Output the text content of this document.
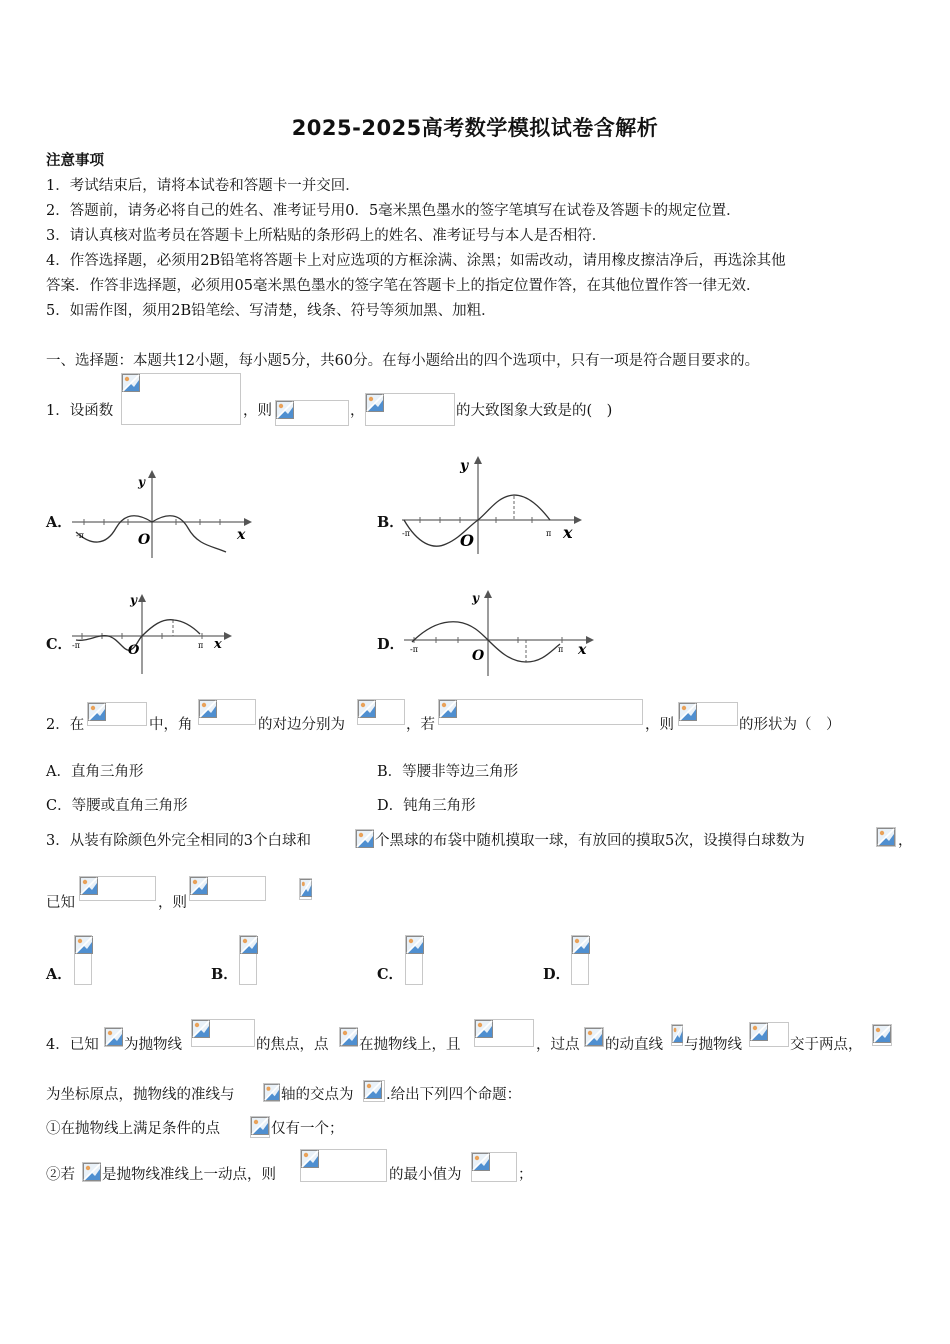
2025-2025高考数学模拟试卷含解析
注意事项
1．考试结束后，请将本试卷和答题卡一并交回．
2．答题前，请务必将自己的姓名、准考证号用0．5毫米黑色墨水的签字笔填写在试卷及答题卡的规定位置．
3．请认真核对监考员在答题卡上所粘贴的条形码上的姓名、准考证号与本人是否相符．
4．作答选择题，必须用2B铅笔将答题卡上对应选项的方框涂满、涂黑；如需改动，请用橡皮擦洁净后，再选涂其他
答案．作答非选择题，必须用05毫米黑色墨水的签字笔在答题卡上的指定位置作答，在其他位置作答一律无效．
5．如需作图，须用2B铅笔绘、写清楚，线条、符号等须加黑、加粗．
一、选择题：本题共12小题，每小题5分，共60分。在每小题给出的四个选项中，只有一项是符合题目要求的。
1．设函数	，则	，	的大致图象大致是的(　)
A．	B．
C．	D．
y
x
O
-π
y
x
O
-π	π
y
x
O
-π	π
y
x
O
-π	π
2．在	中，角	的对边分别为	，若	，则	的形状为（　）
A．直角三角形	B．等腰非等边三角形
C．等腰或直角三角形	D．钝角三角形
3．从装有除颜色外完全相同的3个白球和	个黑球的布袋中随机摸取一球，有放回的摸取5次，设摸得白球数为	，
已知	，则
A．	B．	C．	D．
4．已知 为抛物线	的焦点，点 在抛物线上，且	，过点 的动直线 与抛物线	交于两点，
为坐标原点，抛物线的准线与	轴的交点为 .给出下列四个命题：
①在抛物线上满足条件的点	仅有一个；
②若 是抛物线准线上一动点，则	的最小值为	；
